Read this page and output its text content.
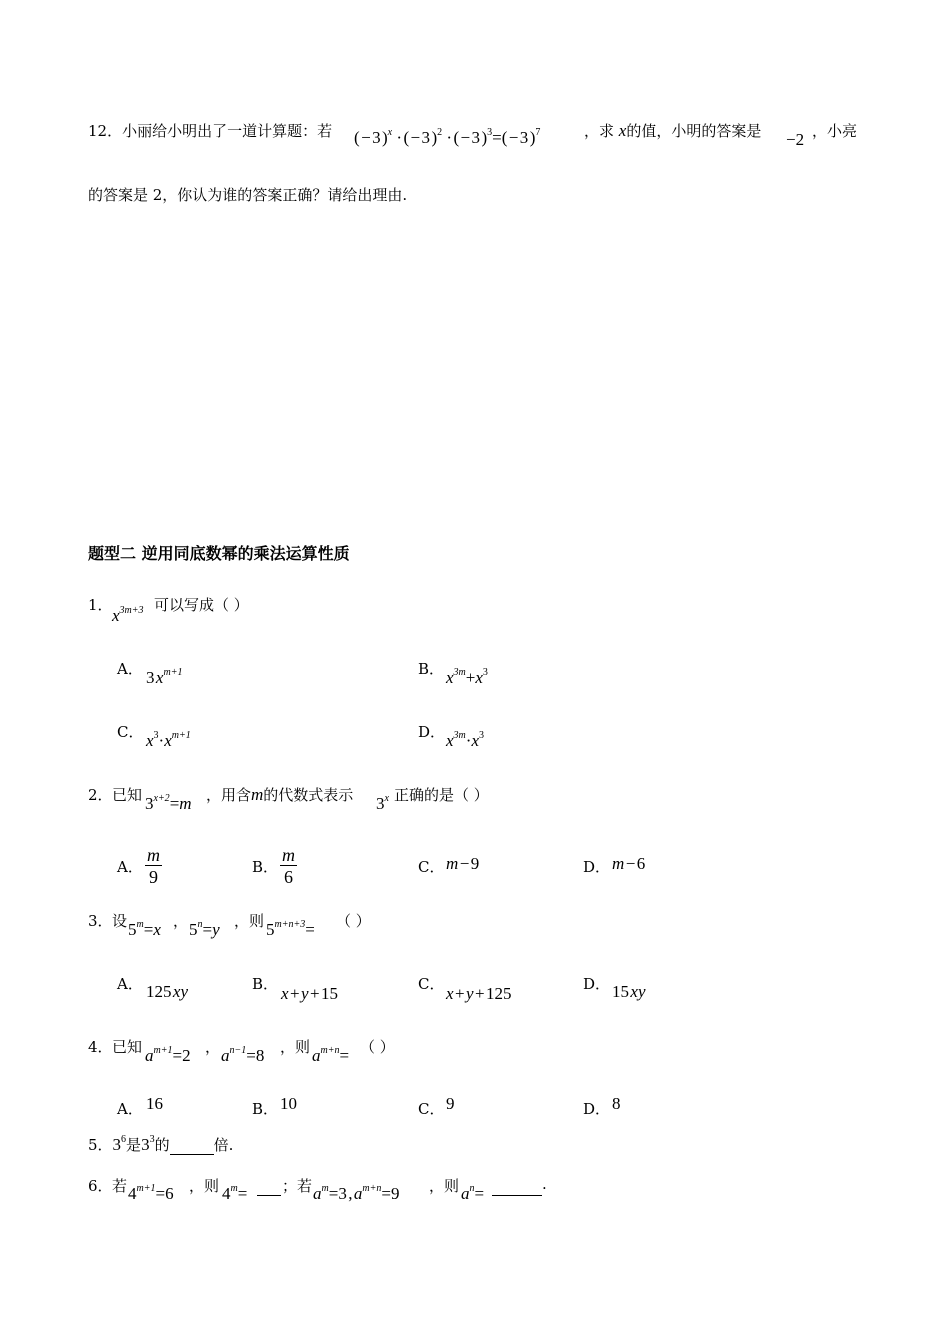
12．小丽给小明出了一道计算题：若 ( − 3 )$^x$ · ( − 3 )$^2$ · ( − 3 )$^3$=( − 3 )$^7$	，求 x的值，小明的答案是 −2 ，小亮
的答案是 2，你认为谁的答案正确？请给出理由.
题型二 逆用同底数幂的乘法运算性质
1．
$x^{3m+3}$ 可以写成（ ）
A． 3 $x^{m+1}$	B． $x^{3m}+x^3$
C． $x^3\cdot x^{m+1}$	D． $x^{3m}\cdot x^3$
2． 已知 $3^{x+2}=m$ ，用含m的代数式表示 3$^x$ 正确的是（ ）
A． $\frac{m}{9}$	B． $\frac{m}{6}$	C． m − 9	D． m − 6
3． 设 $5^m=x$ ， $5^n=y$ ，则 $5^{m+n+3}=$ （ ）
A． 125 xy	B． x + y + 15	C． x + y + 125	D． 15 xy
4． 已知 $a^{m+1}=2$ ， $a^{n-1}=8$ ，则 $a^{m+n}=$ （ ）
A． 16	B． 10	C． 9	D． 8
5．$3^6$是$3^3$的	倍.
6． 若 $4^{m+1}=6$ ，则 $4^m=$
；若 $a^m=3$ , $a^{m+n}=9$ ，则 $a^n=$
	.
